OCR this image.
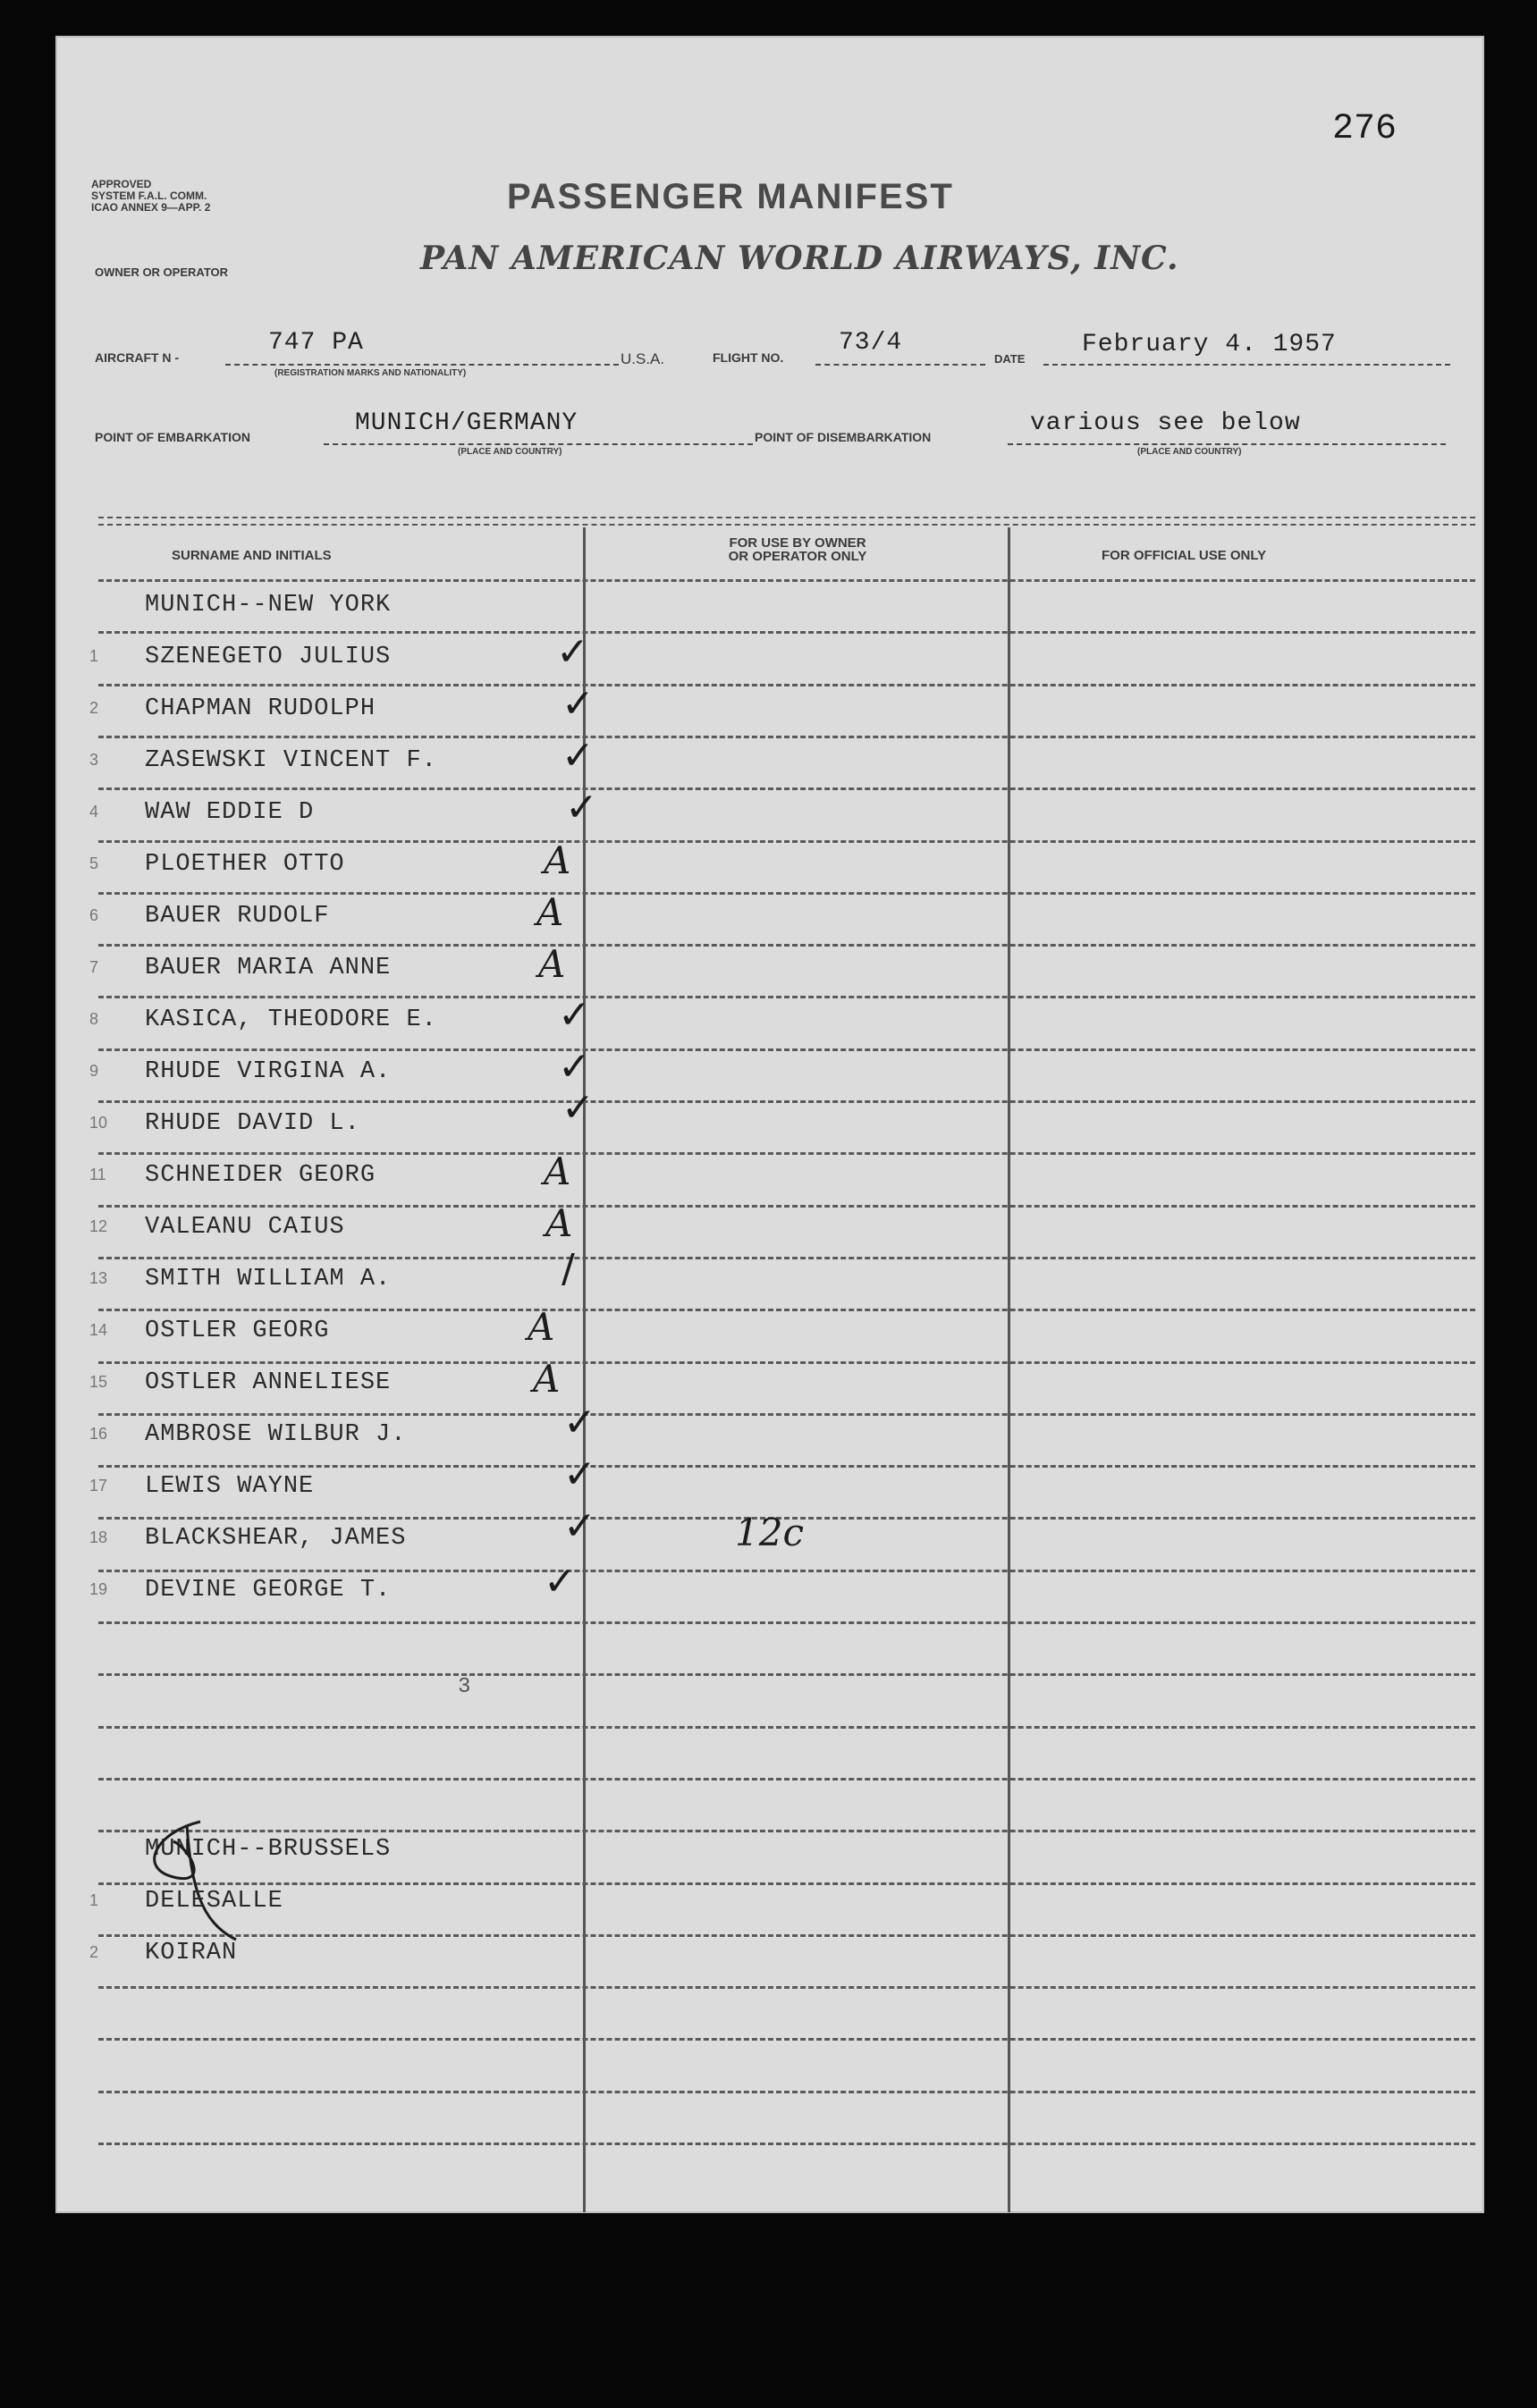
276
APPROVED
SYSTEM F.A.L. COMM.
ICAO ANNEX 9—APP. 2
OWNER OR OPERATOR
PASSENGER MANIFEST
PAN AMERICAN WORLD AIRWAYS, INC.
AIRCRAFT N -
747 PA
(REGISTRATION MARKS AND NATIONALITY)
U.S.A.	FLIGHT NO.
73/4
DATE
February 4. 1957
POINT OF EMBARKATION	MUNICH/GERMANY
(PLACE AND COUNTRY)
POINT OF DISEMBARKATION	various see below
(PLACE AND COUNTRY)
SURNAME AND INITIALS
FOR USE BY OWNER
OR OPERATOR ONLY	FOR OFFICIAL USE ONLY
MUNICH--NEW YORK
1 SZENEGETO JULIUS	✓
2 CHAPMAN RUDOLPH	✓
3 ZASEWSKI VINCENT F.	✓
4 WAW EDDIE D	✓
5 PLOETHER OTTO	A
6 BAUER RUDOLF	A
7 BAUER MARIA ANNE	A
8 KASICA, THEODORE E.	✓
9 RHUDE VIRGINA A.	✓
10 RHUDE DAVID L.	✓
11 SCHNEIDER GEORG	A
12 VALEANU CAIUS	A
13 SMITH WILLIAM A.	/
14 OSTLER GEORG	A
15 OSTLER ANNELIESE	A
16 AMBROSE WILBUR J.	✓
17 LEWIS WAYNE	✓
18 BLACKSHEAR, JAMES	✓	12c
19 DEVINE GEORGE T.	✓
3
MUNICH--BRUSSELS
1 DELESALLE
2 KOIRAN
